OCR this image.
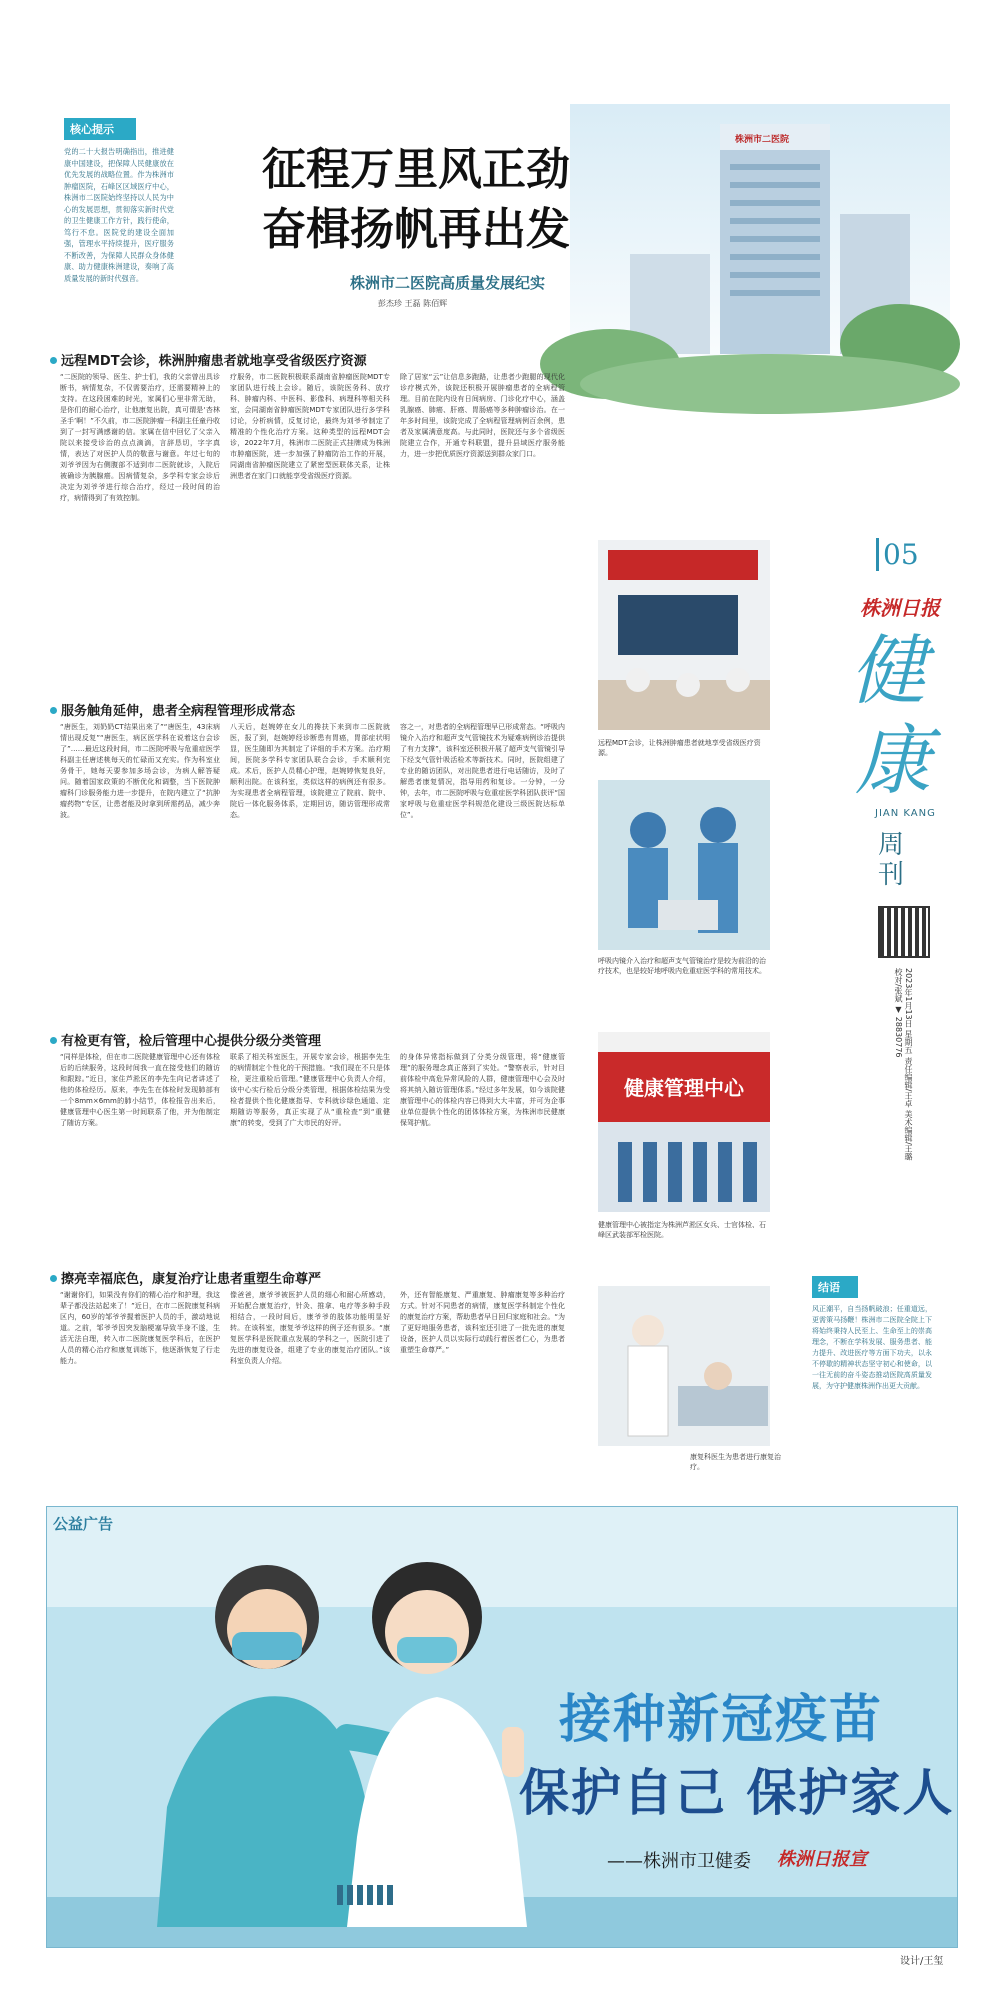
核心提示

党的二十大报告明确指出，推进健康中国建设，把保障人民健康放在优先发展的战略位置。作为株洲市肿瘤医院，石峰区区域医疗中心，株洲市二医院始终坚持以人民为中心的发展思想，贯彻落实新时代党的卫生健康工作方针，践行使命，笃行不怠。医院党的建设全面加强，管理水平持续提升，医疗服务不断改善，为保障人民群众身体健康、助力健康株洲建设，奏响了高质量发展的新时代强音。

征程万里风正劲
奋楫扬帆再出发
株洲市二医院高质量发展纪实
彭杰珍 王磊 陈佰辉
株洲市二医院
远程MDT会诊，株洲肿瘤患者就地享受省级医疗资源

“二医院的领导、医生、护士们，我的父亲曾出具诊断书，病情复杂，不仅需要治疗，还需要精神上的支持。在这段困难的时光，家属们心里非常无助，是你们的耐心治疗，让他康复出院，真可谓是‘杏林圣手’啊！”不久前，市二医院肿瘤一科副主任童丹收到了一封写满感谢的信。家属在信中回忆了父亲入院以来接受诊治的点点滴滴，言辞恳切，字字真情，表达了对医护人员的敬意与谢意。年过七旬的刘爷爷因为右侧腹部不适到市二医院就诊，入院后被确诊为胰腺癌。因病情复杂，多学科专家会诊后决定为刘爷爷进行综合治疗，经过一段时间的治疗，病情得到了有效控制。

疗服务，市二医院积极联系湖南省肿瘤医院MDT专家团队进行线上会诊。随后，该院医务科、放疗科、肿瘤内科、中医科、影像科、病理科等相关科室，会同湖南省肿瘤医院MDT专家团队进行多学科讨论，分析病情，反复讨论，最终为刘爷爷制定了精准的个性化治疗方案。这种类型的远程MDT会诊，2022年7月，株洲市二医院正式挂牌成为株洲市肿瘤医院，进一步加强了肿瘤防治工作的开展，同湖南省肿瘤医院建立了紧密型医联体关系，让株洲患者在家门口就能享受省级医疗资源。

除了居家“云”让信息多跑路，让患者少跑腿的现代化诊疗模式外，该院还积极开展肿瘤患者的全病程管理。目前在院内设有日间病房、门诊化疗中心，涵盖乳腺癌、肺癌、肝癌、胃肠癌等多种肿瘤诊治。在一年多时间里，该院完成了全病程管理病例百余例，患者及家属满意度高。与此同时，医院还与多个省级医院建立合作，开通专科联盟，提升县域医疗服务能力，进一步把优质医疗资源送到群众家门口。

服务触角延伸，患者全病程管理形成常态

“唐医生，刘奶奶CT结果出来了”“唐医生，43床病情出现反复”“唐医生，病区医学科在说着这台会诊了”……最近这段时间，市二医院呼吸与危重症医学科副主任唐述桃每天的忙碌而又充实。作为科室业务骨干，她每天要参加多场会诊，为病人解答疑问。随着国家政策的不断优化和调整，当下医院肿瘤科门诊服务能力进一步提升，在院内建立了“抗肿瘤药物”专区，让患者能及时拿到所需药品，减少奔波。

八天后，赵婉婷在女儿的搀扶下来到市二医院就医，报了到，赵婉婷经诊断患有胃癌，胃部症状明显，医生随即为其制定了详细的手术方案。治疗期间，医院多学科专家团队联合会诊，手术顺利完成。术后，医护人员精心护理，赵婉婷恢复良好，顺利出院。在该科室，类似这样的病例还有很多。为实现患者全病程管理，该院建立了院前、院中、院后一体化服务体系，定期回访，随访管理形成常态。

容之一，对患者的全病程管理早已形成常态。“呼吸内镜介入治疗和超声支气管镜技术为疑难病例诊治提供了有力支撑”，该科室还积极开展了超声支气管镜引导下经支气管针吸活检术等新技术。同时，医院组建了专业的随访团队，对出院患者进行电话随访，及时了解患者康复情况，指导用药和复诊。一分钟，一分钟，去年，市二医院呼吸与危重症医学科团队获评“国家呼吸与危重症医学科规范化建设三级医院达标单位”。

有检更有管，检后管理中心提供分级分类管理

“同样是体检，但在市二医院健康管理中心还有体检后的后续服务，这段时间我一直在接受他们的随访和跟踪。”近日，家住芦淞区的李先生向记者讲述了他的体检经历。原来，李先生在体检时发现肺部有一个8mm×6mm的肺小结节，体检报告出来后，健康管理中心医生第一时间联系了他，并为他制定了随访方案。

联系了相关科室医生，开展专家会诊，根据李先生的病情制定个性化的干预措施。“我们现在不只是体检，更注重检后管理。”健康管理中心负责人介绍，该中心实行检后分级分类管理，根据体检结果为受检者提供个性化健康指导、专科就诊绿色通道、定期随访等服务，真正实现了从“重检查”到“重健康”的转变，受到了广大市民的好评。

的身体异常指标做到了分类分级管理，将“健康管理”的服务理念真正落到了实处。“警察表示，针对目前体检中高危异常风险的人群，健康管理中心会及时将其纳入随访管理体系。”经过多年发展，如今该院健康管理中心的体检内容已得到大大丰富，并可为企事业单位提供个性化的团体体检方案，为株洲市民健康保驾护航。

擦亮幸福底色，康复治疗让患者重塑生命尊严

“谢谢你们，如果没有你们的精心治疗和护理，我这辈子都没法站起来了！”近日，在市二医院康复科病区内，60岁的邹爷爷握着医护人员的手，激动地说道。之前，邹爷爷因突发脑梗塞导致半身不遂，生活无法自理，转入市二医院康复医学科后，在医护人员的精心治疗和康复训练下，他逐渐恢复了行走能力。

像爸爸，康爷爷被医护人员的细心和耐心所感动，开始配合康复治疗，针灸、推拿、电疗等多种手段相结合，一段时间后，康爷爷的肢体功能明显好转。在该科室，康复爷爷这样的例子还有很多。“康复医学科是医院重点发展的学科之一，医院引进了先进的康复设备，组建了专业的康复治疗团队。”该科室负责人介绍。

外，还有智能康复、严重康复、肿瘤康复等多种治疗方式。针对不同患者的病情，康复医学科制定个性化的康复治疗方案，帮助患者早日回归家庭和社会。“为了更好地服务患者，该科室还引进了一批先进的康复设备，医护人员以实际行动践行着医者仁心，为患者重塑生命尊严。”

远程MDT会诊，让株洲肿瘤患者就地享受省级医疗资源。
呼吸内镜介入治疗和超声支气管镜治疗是较为前沿的治疗技术，也是较好地呼吸内危重症医学科的常用技术。
健康管理中心
健康管理中心被指定为株洲芦淞区女兵、士官体检、石峰区武装部军检医院。
康复科医生为患者进行康复治疗。
05
株洲日报
健
康
JIAN KANG
周刊
2023年1月13日 星期五 责任编辑/王卓 美术编辑/王璐 校对/张斌 ▼ 28830776
结语

风正潮平，自当扬帆破浪；任重道远，更需策马扬鞭！株洲市二医院全院上下将始终秉持人民至上、生命至上的崇高理念，不断在学科发展、服务患者、能力提升、改进医疗等方面下功夫，以永不停歇的精神状态坚守初心和使命，以一往无前的奋斗姿态推动医院高质量发展，为守护健康株洲作出更大贡献。

公益广告
接种新冠疫苗
保护自己 保护家人
——株洲市卫健委 株洲日报宣
设计/王玺
